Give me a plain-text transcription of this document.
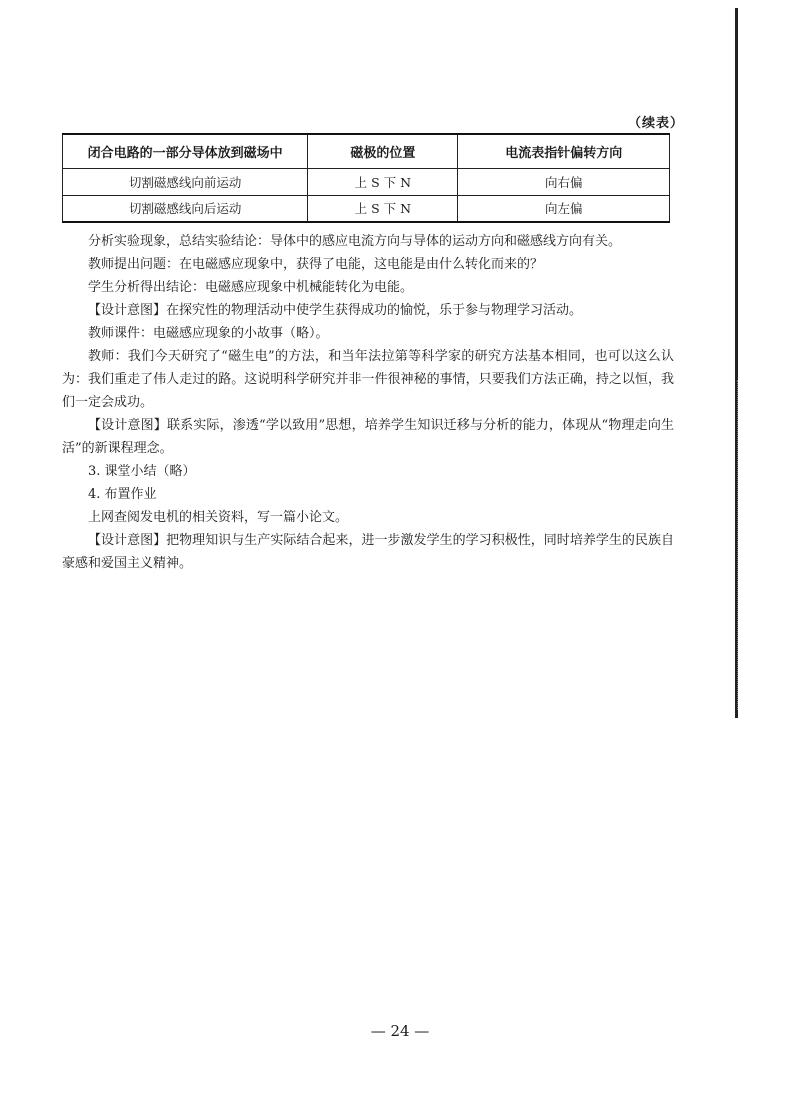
（续表）
闭合电路的一部分导体放到磁场中	磁极的位置	电流表指针偏转方向
切割磁感线向前运动	上 S 下 N	向右偏
切割磁感线向后运动	上 S 下 N	向左偏

分析实验现象，总结实验结论：导体中的感应电流方向与导体的运动方向和磁感线方向有关。

教师提出问题：在电磁感应现象中，获得了电能，这电能是由什么转化而来的？

学生分析得出结论：电磁感应现象中机械能转化为电能。

【设计意图】在探究性的物理活动中使学生获得成功的愉悦，乐于参与物理学习活动。

教师课件：电磁感应现象的小故事（略）。

教师：我们今天研究了“磁生电”的方法，和当年法拉第等科学家的研究方法基本相同，也可以这么认为：我们重走了伟人走过的路。这说明科学研究并非一件很神秘的事情，只要我们方法正确，持之以恒，我们一定会成功。

【设计意图】联系实际，渗透“学以致用”思想，培养学生知识迁移与分析的能力，体现从“物理走向生活”的新课程理念。

3. 课堂小结（略）

4. 布置作业

上网查阅发电机的相关资料，写一篇小论文。

【设计意图】把物理知识与生产实际结合起来，进一步激发学生的学习积极性，同时培养学生的民族自豪感和爱国主义精神。

— 24 —
